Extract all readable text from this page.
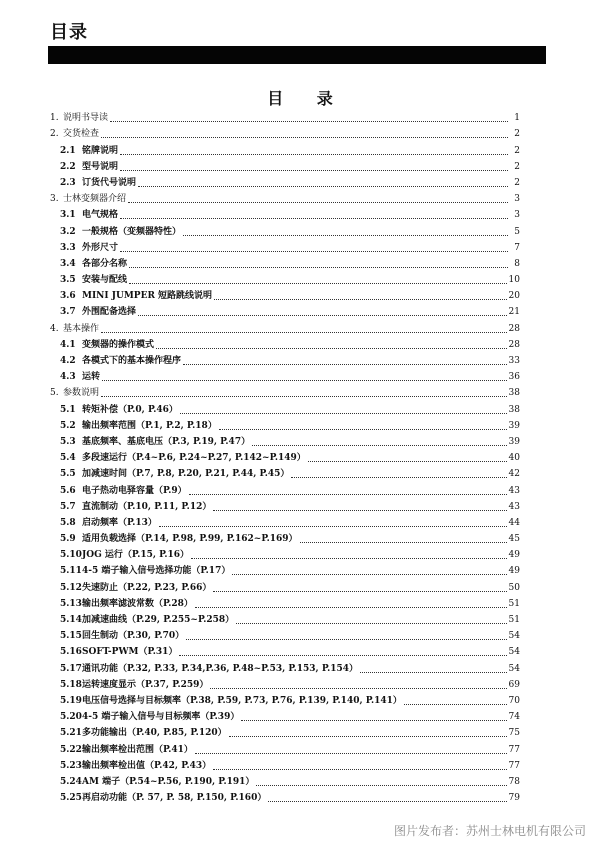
目录
目 录
1. 说明书导读	1
2. 交货检查	2
2.1 铭牌说明	2
2.2 型号说明	2
2.3 订货代号说明	2
3. 士林变频器介绍	3
3.1 电气规格	3
3.2 一般规格（变频器特性）	5
3.3 外形尺寸	7
3.4 各部分名称	8
3.5 安装与配线	10
3.6 MINI JUMPER 短路跳线说明	20
3.7 外围配备选择	21
4. 基本操作	28
4.1 变频器的操作模式	28
4.2 各模式下的基本操作程序	33
4.3 运转	36
5. 参数说明	38
5.1 转矩补偿（P.0, P.46）	38
5.2 输出频率范围（P.1, P.2, P.18）	39
5.3 基底频率、基底电压（P.3, P.19, P.47）	39
5.4 多段速运行（P.4~P.6, P.24~P.27, P.142~P.149）	40
5.5 加减速时间（P.7, P.8, P.20, P.21, P.44, P.45）	42
5.6 电子热动电驿容量（P.9）	43
5.7 直流制动（P.10, P.11, P.12）	43
5.8 启动频率（P.13）	44
5.9 适用负载选择（P.14, P.98, P.99, P.162~P.169）	45
5.10 JOG 运行（P.15, P.16）	49
5.11 4-5 端子输入信号选择功能（P.17）	49
5.12 失速防止（P.22, P.23, P.66）	50
5.13 输出频率滤波常数（P.28）	51
5.14 加减速曲线（P.29, P.255~P.258）	51
5.15 回生制动（P.30, P.70）	54
5.16 SOFT-PWM（P.31）	54
5.17 通讯功能（P.32, P.33, P.34,P.36, P.48~P.53, P.153, P.154）	54
5.18 运转速度显示（P.37, P.259）	69
5.19 电压信号选择与目标频率（P.38, P.59, P.73, P.76, P.139, P.140, P.141）	70
5.20 4-5 端子输入信号与目标频率（P.39）	74
5.21 多功能输出（P.40, P.85, P.120）	75
5.22 输出频率检出范围（P.41）	77
5.23 输出频率检出值（P.42, P.43）	77
5.24 AM 端子（P.54~P.56, P.190, P.191）	78
5.25 再启动功能（P. 57, P. 58, P.150, P.160）	79
图片发布者：苏州士林电机有限公司
